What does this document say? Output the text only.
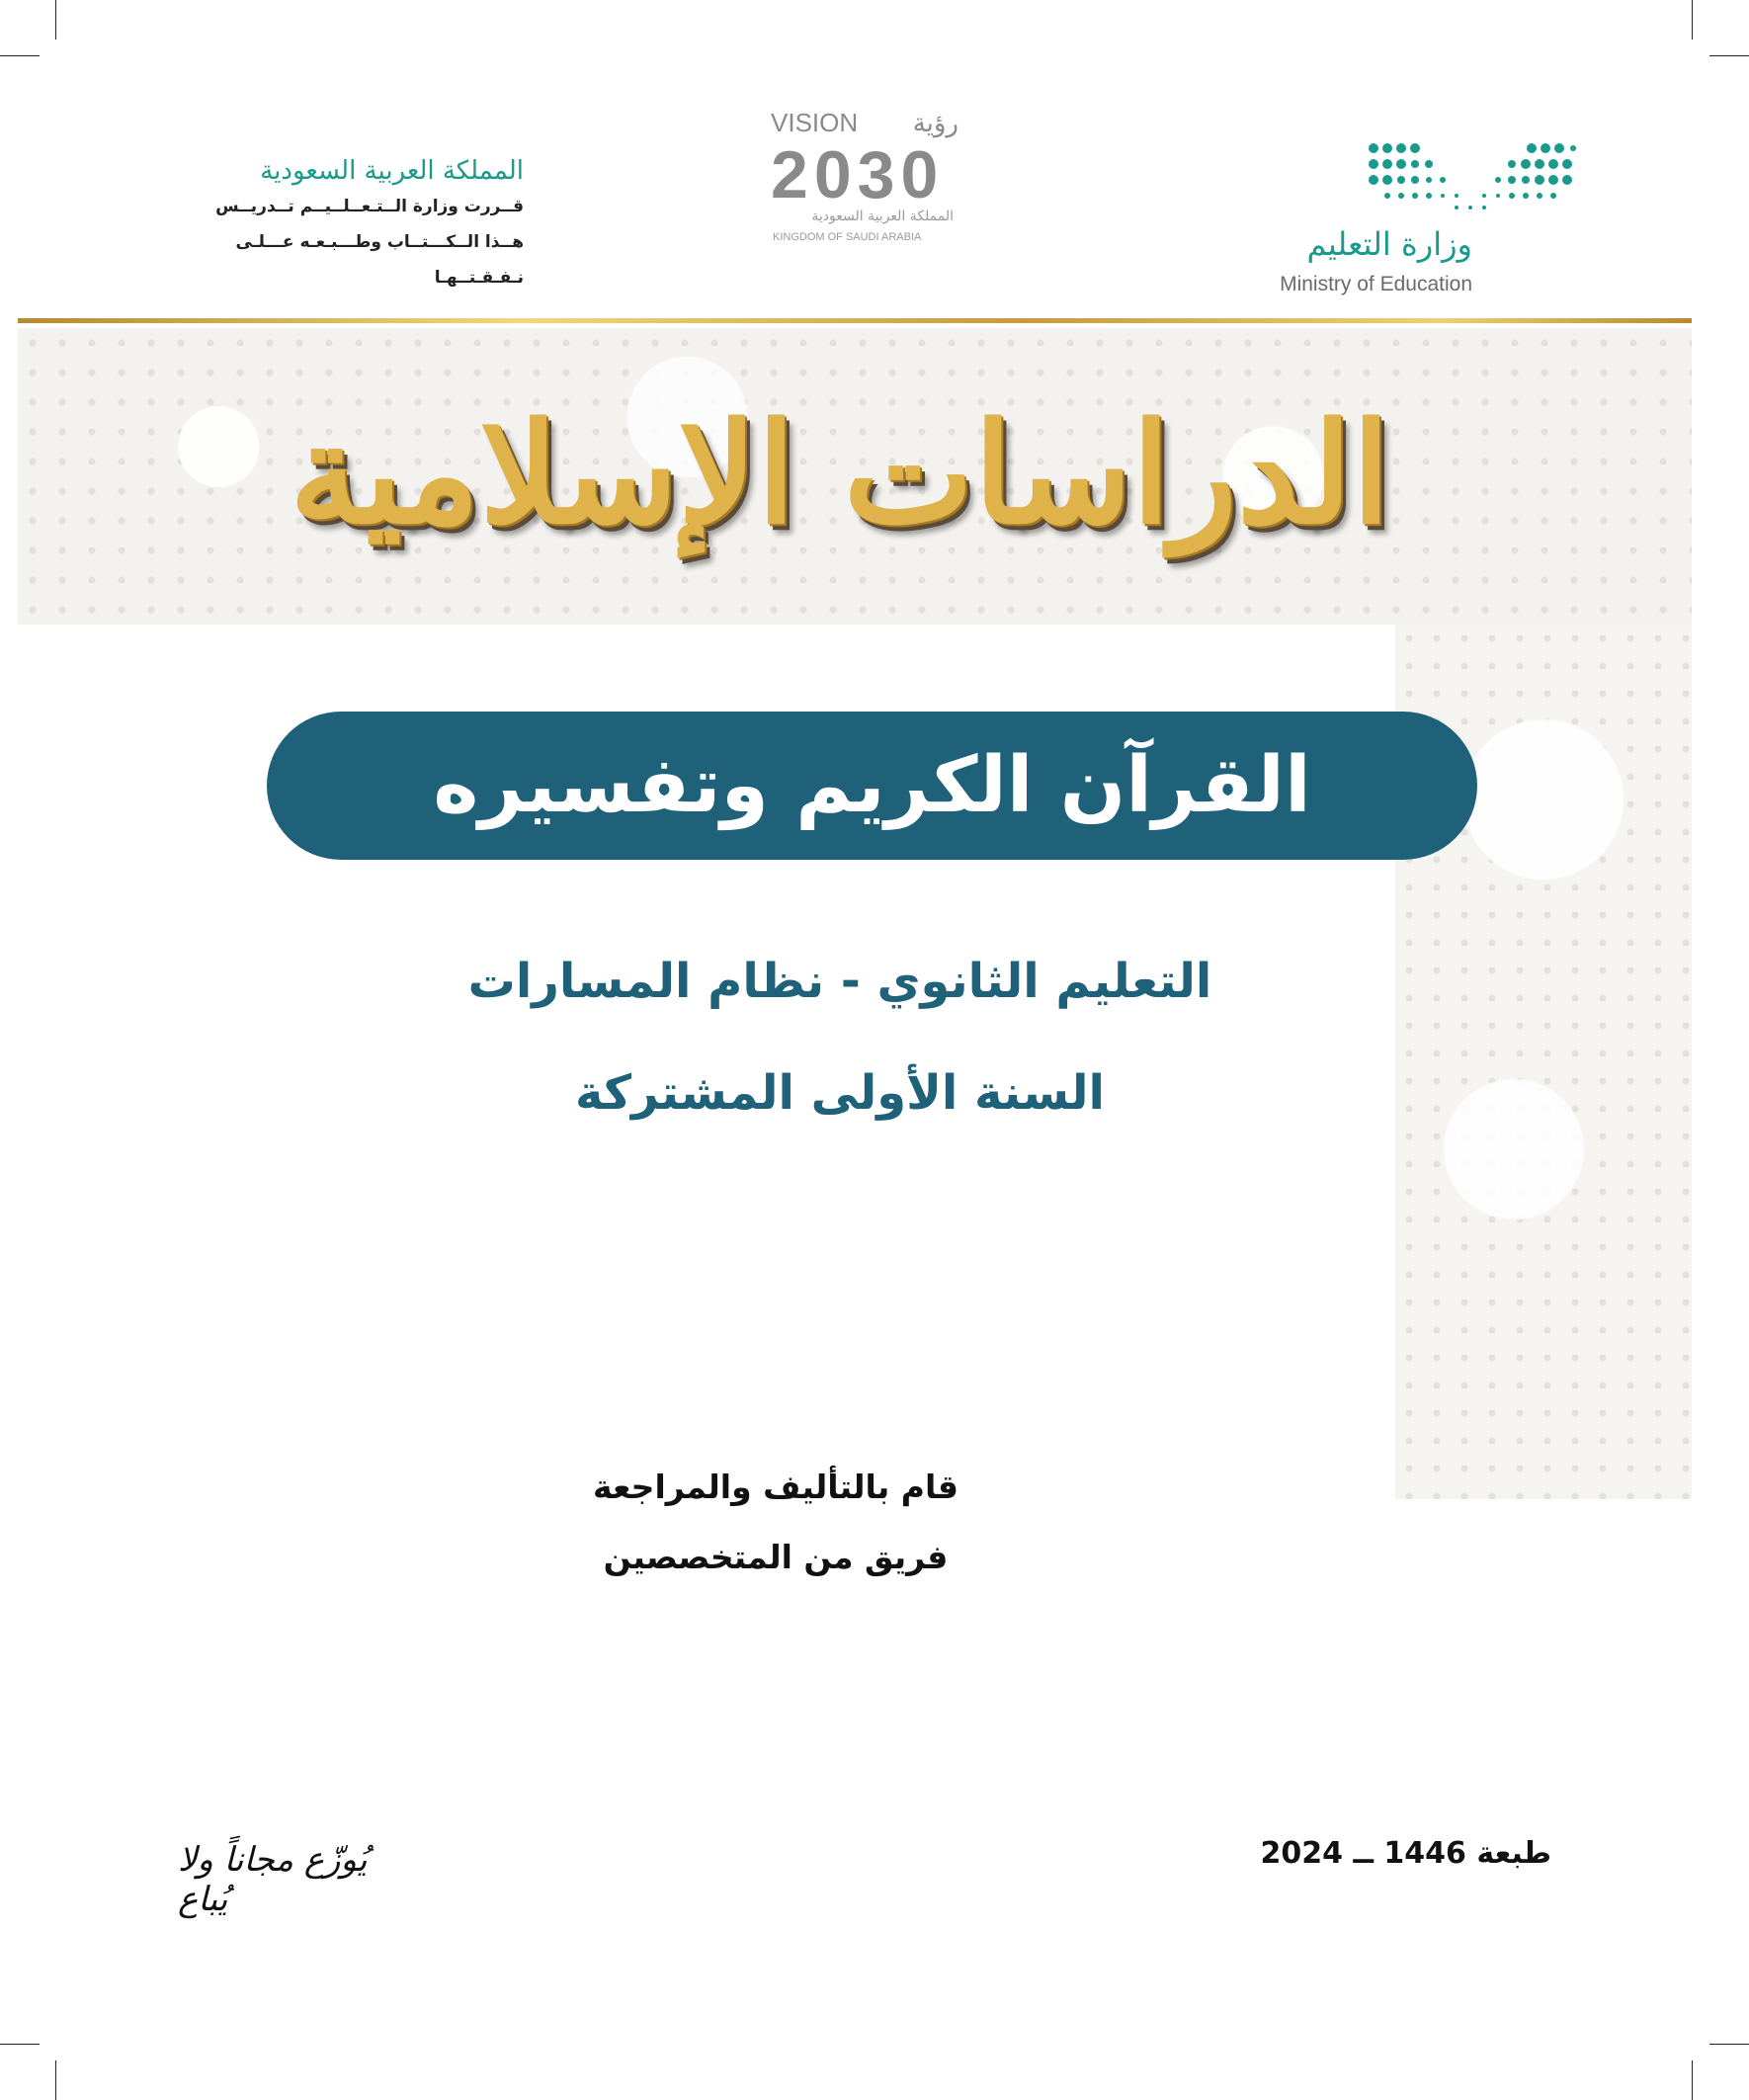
وزارة التعليم
Ministry of Education
VISION رؤية
2030
المملكة العربية السعودية
KINGDOM OF SAUDI ARABIA
المملكة العربية السعودية
قــررت وزارة الــتـعــلــيــم تــدريــس
هــذا الــكـــتــاب وطـــبـعـه عـــلـى نـفـقـتــهـا
الدراسات الإسلامية
القرآن الكريم وتفسيره
التعليم الثانوي - نظام المسارات
السنة الأولى المشتركة
قام بالتأليف والمراجعة
فريق من المتخصصين
طبعة 1446 ــ 2024
يُوزّع مجاناً ولا يُباع
